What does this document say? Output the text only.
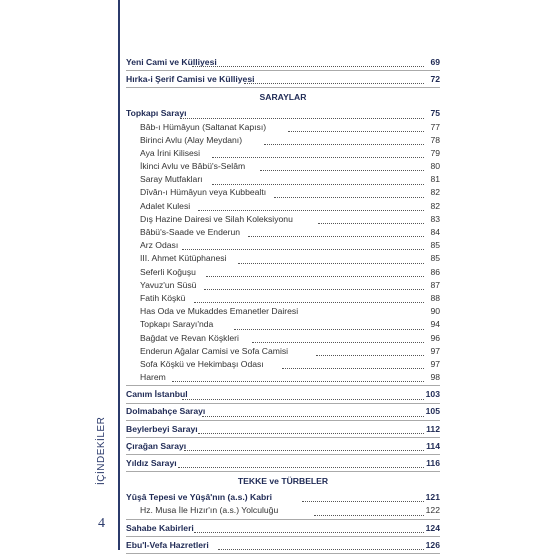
İÇİNDEKİLER
4
Yeni Cami ve Külliyesi	69
Hırka-i Şerif Camisi ve Külliyesi	72
SARAYLAR
Topkapı Sarayı	75
Bâb-ı Hümâyun (Saltanat Kapısı)	77
Birinci Avlu (Alay Meydanı)	78
Aya İrini Kilisesi	79
İkinci Avlu ve Bâbü's-Selâm	80
Saray Mutfakları	81
Dîvân-ı Hümâyun veya Kubbealtı	82
Adalet Kulesi	82
Dış Hazine Dairesi ve Silah Koleksiyonu	83
Bâbü's-Saade ve Enderun	84
Arz Odası	85
III. Ahmet Kütüphanesi	85
Seferli Koğuşu	86
Yavuz'un Süsü	87
Fatih Köşkü	88
Has Oda ve Mukaddes Emanetler Dairesi	90
Topkapı Sarayı'nda	94
Bağdat ve Revan Köşkleri	96
Enderun Ağalar Camisi ve Sofa Camisi	97
Sofa Köşkü ve Hekimbaşı Odası	97
Harem	98
Canım İstanbul	103
Dolmabahçe Sarayı	105
Beylerbeyi Sarayı	112
Çırağan Sarayı	114
Yıldız Sarayı	116
TEKKE ve TÜRBELER
Yûşâ Tepesi ve Yûşâ'nın (a.s.) Kabri	121
Hz. Musa İle Hızır'ın (a.s.) Yolculuğu	122
Sahabe Kabirleri	124
Ebu'l-Vefa Hazretleri	126
